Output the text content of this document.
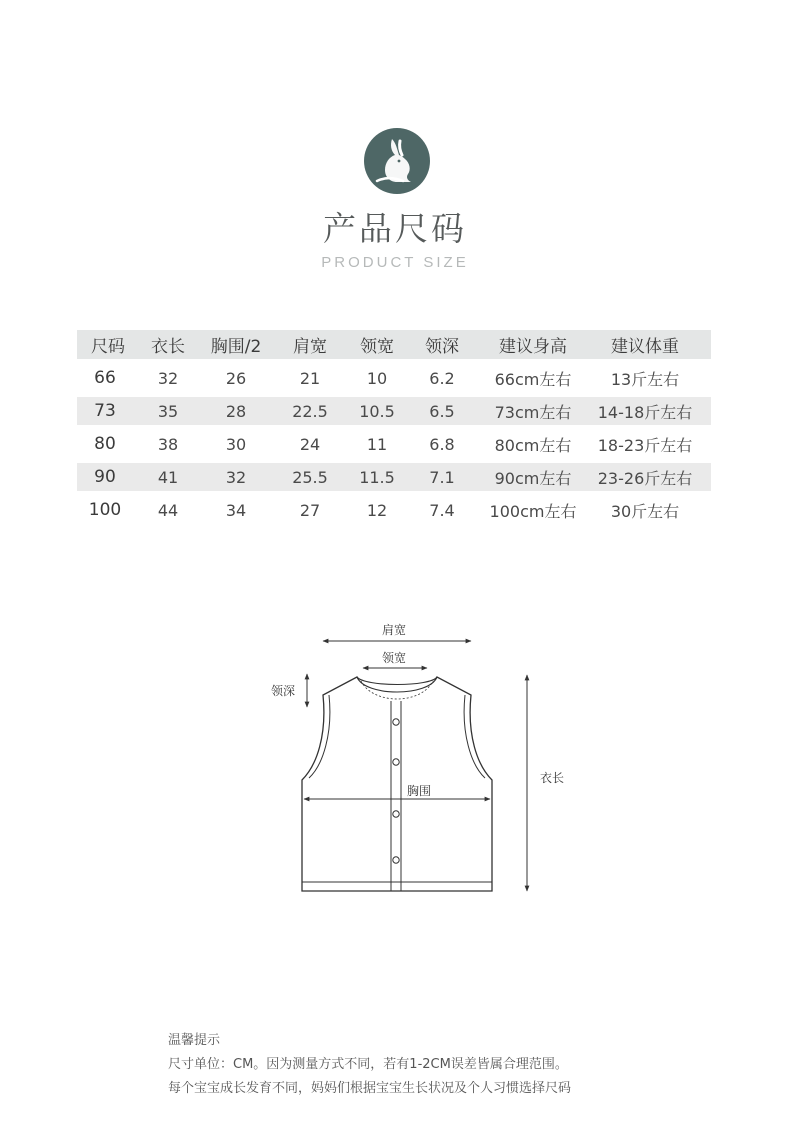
产品尺码
PRODUCT SIZE
尺码	衣长	胸围/2	肩宽	领宽	领深	建议身高	建议体重
66	32	26	21	10	6.2	66cm左右	13斤左右
73	35	28	22.5	10.5	6.5	73cm左右	14-18斤左右
80	38	30	24	11	6.8	80cm左右	18-23斤左右
90	41	32	25.5	11.5	7.1	90cm左右	23-26斤左右
100	44	34	27	12	7.4	100cm左右	30斤左右
肩宽
领宽
领深
衣长
胸围
温馨提示
尺寸单位：CM。因为测量方式不同，若有1-2CM误差皆属合理范围。
每个宝宝成长发育不同，妈妈们根据宝宝生长状况及个人习惯选择尺码
